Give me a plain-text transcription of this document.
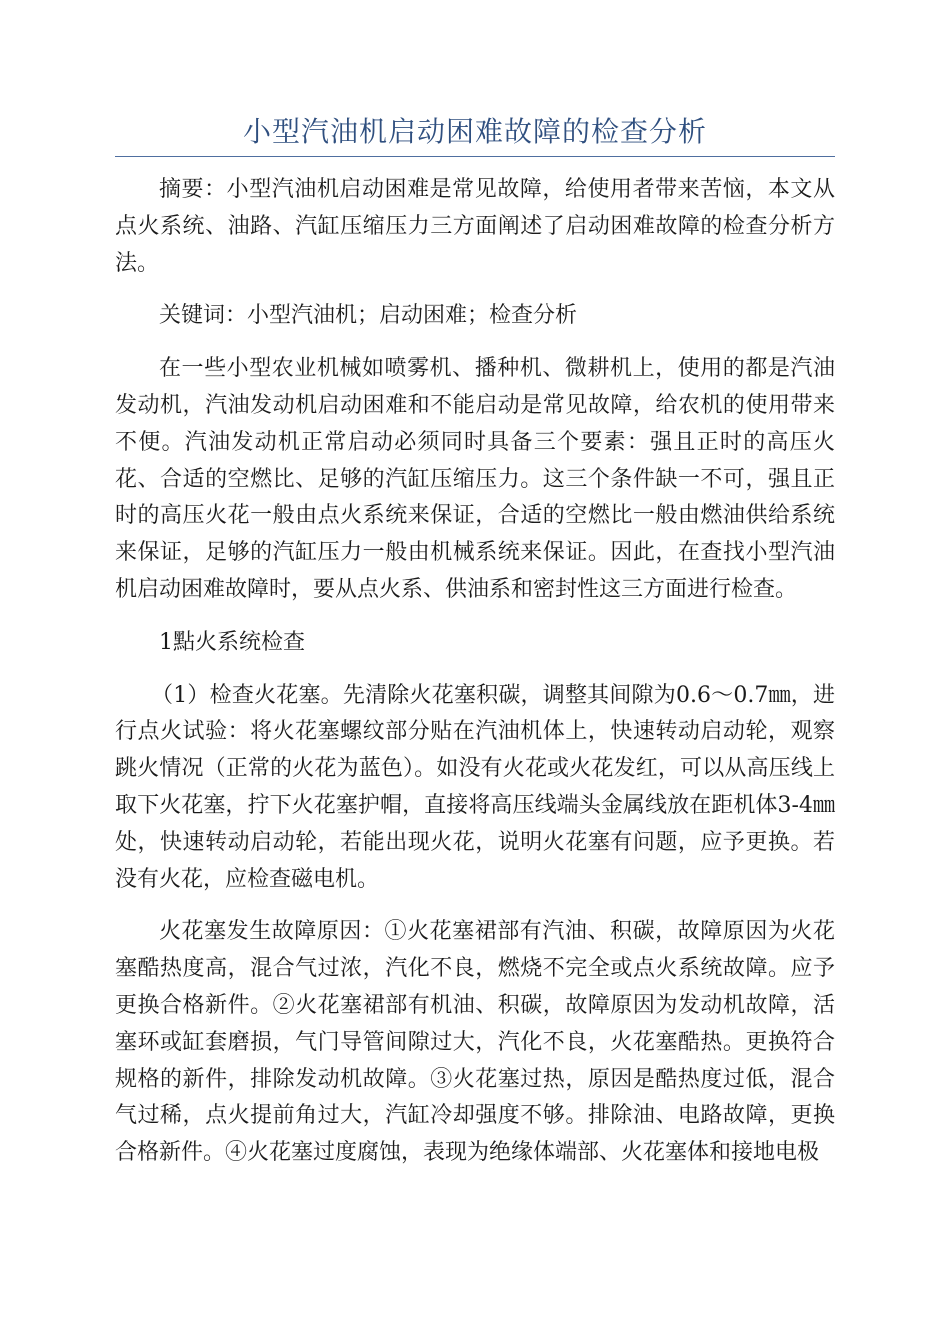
小型汽油机启动困难故障的检查分析

摘要：小型汽油机启动困难是常见故障，给使用者带来苦恼，本文从点火系统、油路、汽缸压缩压力三方面阐述了启动困难故障的检查分析方法。

关键词：小型汽油机；启动困难；检查分析

在一些小型农业机械如喷雾机、播种机、微耕机上，使用的都是汽油发动机，汽油发动机启动困难和不能启动是常见故障，给农机的使用带来不便。汽油发动机正常启动必须同时具备三个要素：强且正时的高压火花、合适的空燃比、足够的汽缸压缩压力。这三个条件缺一不可，强且正时的高压火花一般由点火系统来保证，合适的空燃比一般由燃油供给系统来保证，足够的汽缸压力一般由机械系统来保证。因此，在查找小型汽油机启动困难故障时，要从点火系、供油系和密封性这三方面进行检查。

1點火系统检查

（1）检查火花塞。先清除火花塞积碳，调整其间隙为0.6～0.7㎜，进行点火试验：将火花塞螺纹部分贴在汽油机体上，快速转动启动轮，观察跳火情况（正常的火花为蓝色）。如没有火花或火花发红，可以从高压线上取下火花塞，拧下火花塞护帽，直接将高压线端头金属线放在距机体3-4㎜处，快速转动启动轮，若能出现火花，说明火花塞有问题，应予更换。若没有火花，应检查磁电机。

火花塞发生故障原因：①火花塞裙部有汽油、积碳，故障原因为火花塞酷热度高，混合气过浓，汽化不良，燃烧不完全或点火系统故障。应予更换合格新件。②火花塞裙部有机油、积碳，故障原因为发动机故障，活塞环或缸套磨损，气门导管间隙过大，汽化不良，火花塞酷热。更换符合规格的新件，排除发动机故障。③火花塞过热，原因是酷热度过低，混合气过稀，点火提前角过大，汽缸冷却强度不够。排除油、电路故障，更换合格新件。④火花塞过度腐蚀，表现为绝缘体端部、火花塞体和接地电极
